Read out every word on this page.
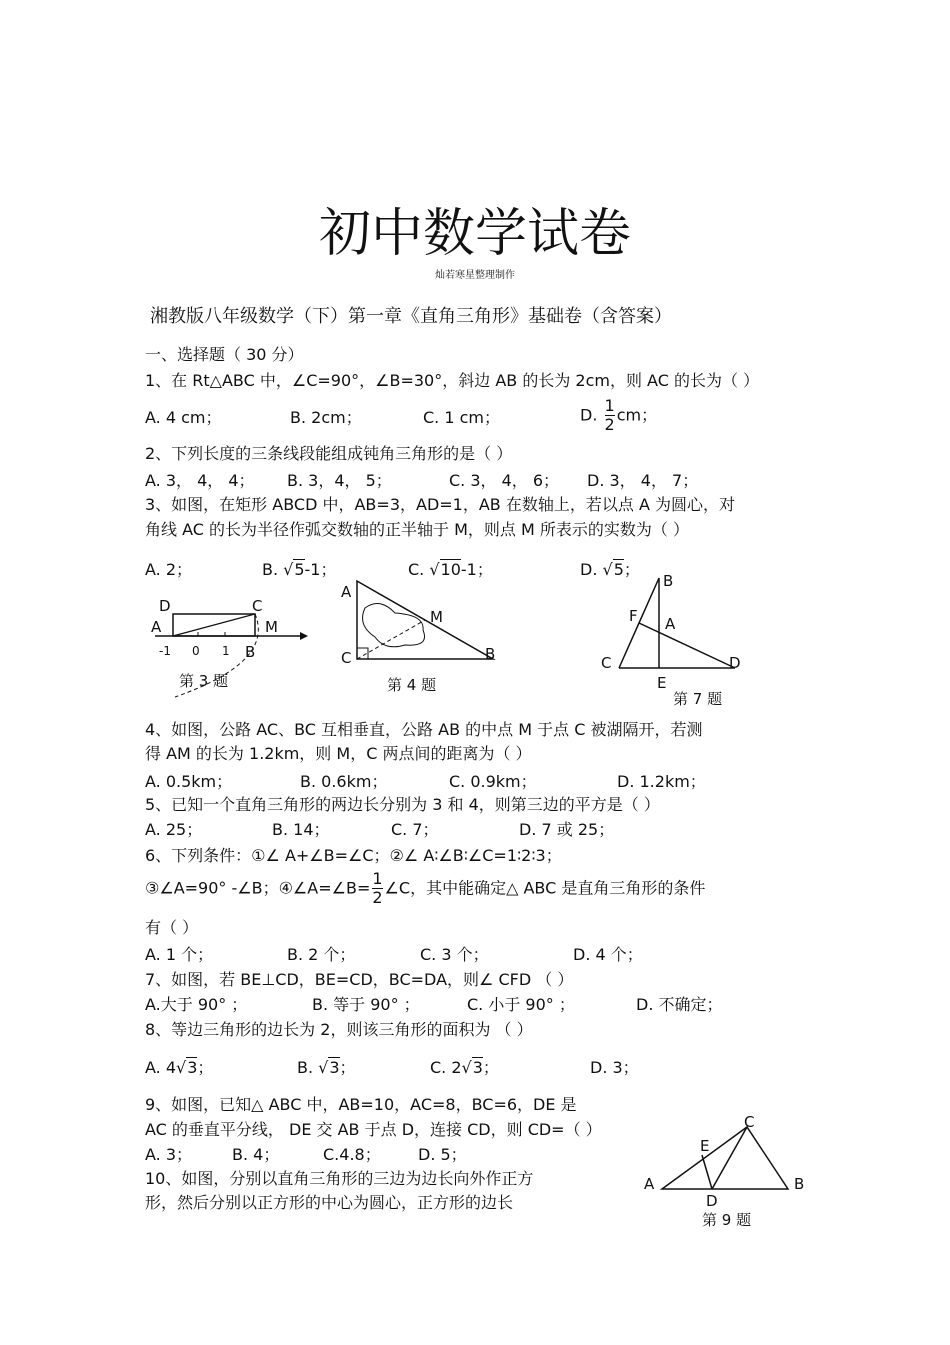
初中数学试卷
灿若寒星整理制作
湘教版八年级数学（下）第一章《直角三角形》基础卷（含答案）
一、选择题（ 30 分）
1、在 Rt△ABC 中，∠C=90°，∠B=30°，斜边 AB 的长为 2cm，则 AC 的长为（ ）
A. 4 cm；	B. 2cm；	C. 1 cm；	D. $\frac{1}{2}$ cm；
2、下列长度的三条线段能组成钝角三角形的是（ ）
A. 3， 4， 4； B. 3，4， 5；	C. 3， 4， 6； D. 3， 4， 7；
3、如图，在矩形 ABCD 中，AB=3，AD=1，AB 在数轴上，若以点 A 为圆心，对
角线 AC 的长为半径作弧交数轴的正半轴于 M，则点 M 所表示的实数为（ ）
A. 2；	B. √5-1；	C. √10-1；	D. √5；
D	C
A	M
-1 0 1 B
第 3 题
A
M
C	B
第 4 题
B
F A
C	D
E
第 7 题
4、如图，公路 AC、BC 互相垂直，公路 AB 的中点 M 于点 C 被湖隔开，若测
得 AM 的长为 1.2km，则 M，C 两点间的距离为（ ）
A. 0.5km；	B. 0.6km；	C. 0.9km；	D. 1.2km；
5、已知一个直角三角形的两边长分别为 3 和 4，则第三边的平方是（ ）
A. 25；	B. 14；	C. 7；	D. 7 或 25；
6、下列条件：①∠ A+∠B=∠C；②∠ A∶∠B∶∠C=1∶2∶3；
③∠A=90° -∠B；④∠A=∠B= $\frac{1}{2}$ ∠C，其中能确定△ ABC 是直角三角形的条件
有（ ）
A. 1 个；	B. 2 个；	C. 3 个；	D. 4 个；
7、如图，若 BE⊥CD，BE=CD，BC=DA，则∠ CFD （ ）
A.大于 90° ；	B. 等于 90° ；	C. 小于 90° ；	D. 不确定；
8、等边三角形的边长为 2，则该三角形的面积为 （ ）
A. 4√3；	B. √3；	C. 2√3；	D. 3；
9、如图，已知△ ABC 中，AB=10，AC=8，BC=6，DE 是
AC 的垂直平分线， DE 交 AB 于点 D，连接 CD，则 CD=（ ）
A. 3； B. 4；	C.4.8； D. 5；
C
E
A
D
B
第 9 题
10、如图，分别以直角三角形的三边为边长向外作正方
形，然后分别以正方形的中心为圆心，正方形的边长
